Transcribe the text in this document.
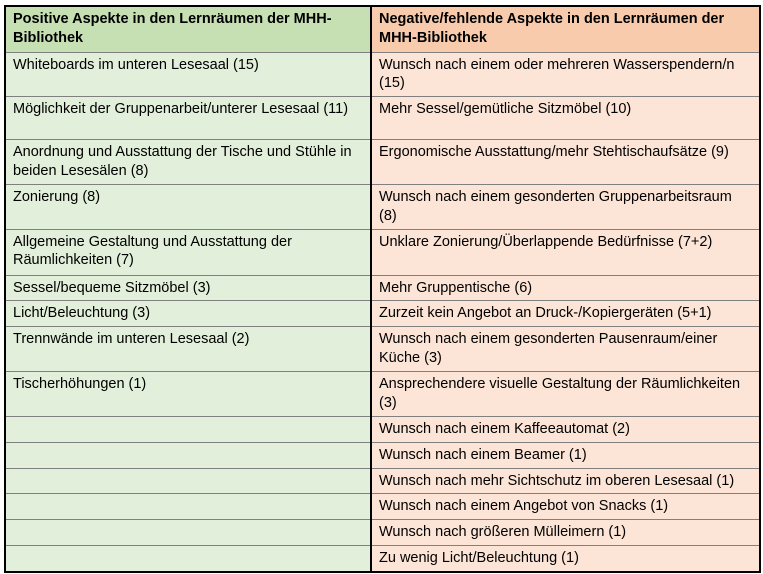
Positive Aspekte in den Lernräumen der MHH-Bibliothek	Negative/fehlende Aspekte in den Lernräumen der MHH-Bibliothek
Whiteboards im unteren Lesesaal (15)	Wunsch nach einem oder mehreren Wasserspendern/n (15)
Möglichkeit der Gruppenarbeit/unterer Lesesaal (11)	Mehr Sessel/gemütliche Sitzmöbel (10)
Anordnung und Ausstattung der Tische und Stühle in beiden Lesesälen (8)	Ergonomische Ausstattung/mehr Stehtischaufsätze (9)
Zonierung (8)	Wunsch nach einem gesonderten Gruppenarbeitsraum (8)
Allgemeine Gestaltung und Ausstattung der Räumlichkeiten (7)	Unklare Zonierung/Überlappende Bedürfnisse (7+2)
Sessel/bequeme Sitzmöbel (3)	Mehr Gruppentische (6)
Licht/Beleuchtung (3)	Zurzeit kein Angebot an Druck-/Kopiergeräten (5+1)
Trennwände im unteren Lesesaal (2)	Wunsch nach einem gesonderten Pausenraum/einer Küche (3)
Tischerhöhungen (1)	Ansprechendere visuelle Gestaltung der Räumlichkeiten (3)
	Wunsch nach einem Kaffeeautomat (2)
	Wunsch nach einem Beamer (1)
	Wunsch nach mehr Sichtschutz im oberen Lesesaal (1)
	Wunsch nach einem Angebot von Snacks (1)
	Wunsch nach größeren Mülleimern (1)
	Zu wenig Licht/Beleuchtung (1)
